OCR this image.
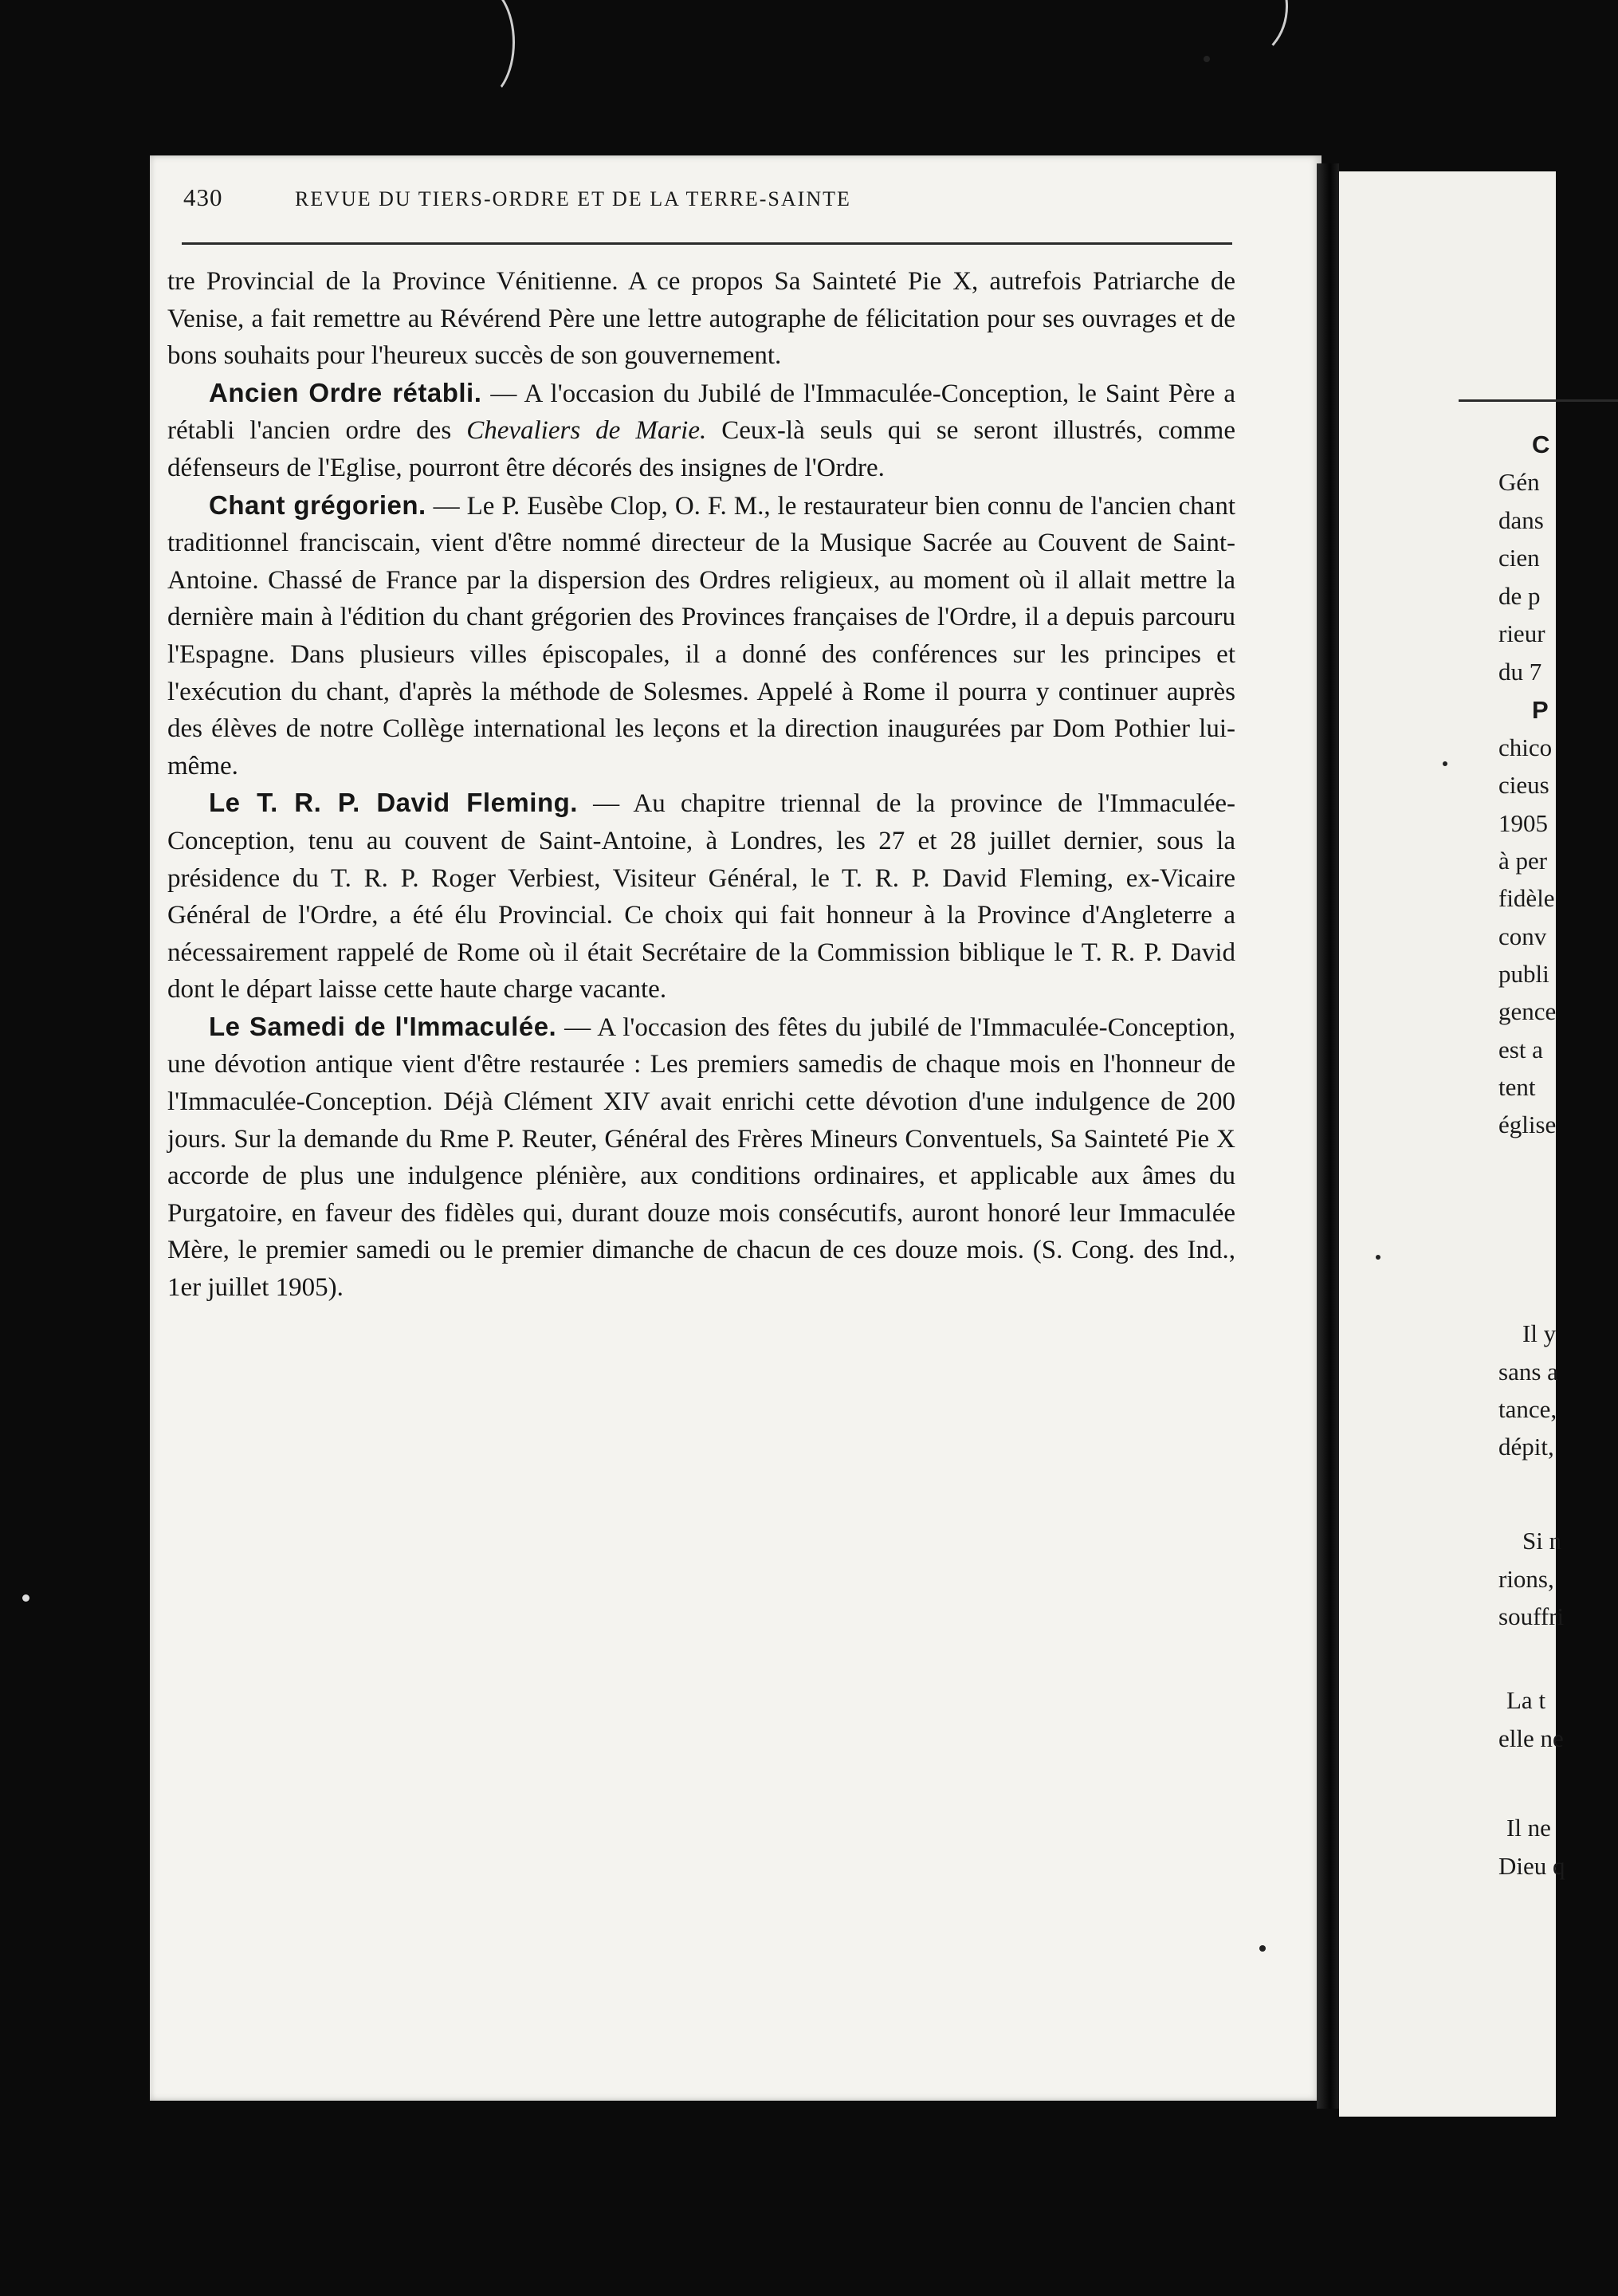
C
Gén
dans
cien
de p
rieur
du 7
P
chico
cieus
1905
à per
fidèle
conv
publi
gence
est a
tent
église
Il y
sans a
tance,
dépit,
Si n
rions,
souffri
La t
elle ne
Il ne
Dieu q
430	REVUE DU TIERS-ORDRE ET DE LA TERRE-SAINTE

tre Provincial de la Province Vénitienne. A ce propos Sa Sainteté Pie X, autrefois Patriarche de Venise, a fait remettre au Révérend Père une lettre autographe de félicitation pour ses ouvrages et de bons souhaits pour l'heureux succès de son gouvernement.

Ancien Ordre rétabli. — A l'occasion du Jubilé de l'Immaculée-Conception, le Saint Père a rétabli l'ancien ordre des Chevaliers de Marie. Ceux-là seuls qui se seront illustrés, comme défenseurs de l'Eglise, pourront être décorés des insignes de l'Ordre.

Chant grégorien. — Le P. Eusèbe Clop, O. F. M., le restaurateur bien connu de l'ancien chant traditionnel franciscain, vient d'être nommé directeur de la Musique Sacrée au Couvent de Saint-Antoine. Chassé de France par la dispersion des Ordres religieux, au moment où il allait mettre la dernière main à l'édition du chant grégorien des Provinces françaises de l'Ordre, il a depuis parcouru l'Espagne. Dans plusieurs villes épiscopales, il a donné des conférences sur les principes et l'exécution du chant, d'après la méthode de Solesmes. Appelé à Rome il pourra y continuer auprès des élèves de notre Collège international les leçons et la direction inaugurées par Dom Pothier lui-même.

Le T. R. P. David Fleming. — Au chapitre triennal de la province de l'Immaculée-Conception, tenu au couvent de Saint-Antoine, à Londres, les 27 et 28 juillet dernier, sous la présidence du T. R. P. Roger Verbiest, Visiteur Général, le T. R. P. David Fleming, ex-Vicaire Général de l'Ordre, a été élu Provincial. Ce choix qui fait honneur à la Province d'Angleterre a nécessairement rappelé de Rome où il était Secrétaire de la Commission biblique le T. R. P. David dont le départ laisse cette haute charge vacante.

Le Samedi de l'Immaculée. — A l'occasion des fêtes du jubilé de l'Immaculée-Conception, une dévotion antique vient d'être restaurée : Les premiers samedis de chaque mois en l'honneur de l'Immaculée-Conception. Déjà Clément XIV avait enrichi cette dévotion d'une indulgence de 200 jours. Sur la demande du Rme P. Reuter, Général des Frères Mineurs Conventuels, Sa Sainteté Pie X accorde de plus une indulgence plénière, aux conditions ordinaires, et applicable aux âmes du Purgatoire, en faveur des fidèles qui, durant douze mois consécutifs, auront honoré leur Immaculée Mère, le premier samedi ou le premier dimanche de chacun de ces douze mois. (S. Cong. des Ind., 1er juillet 1905).
